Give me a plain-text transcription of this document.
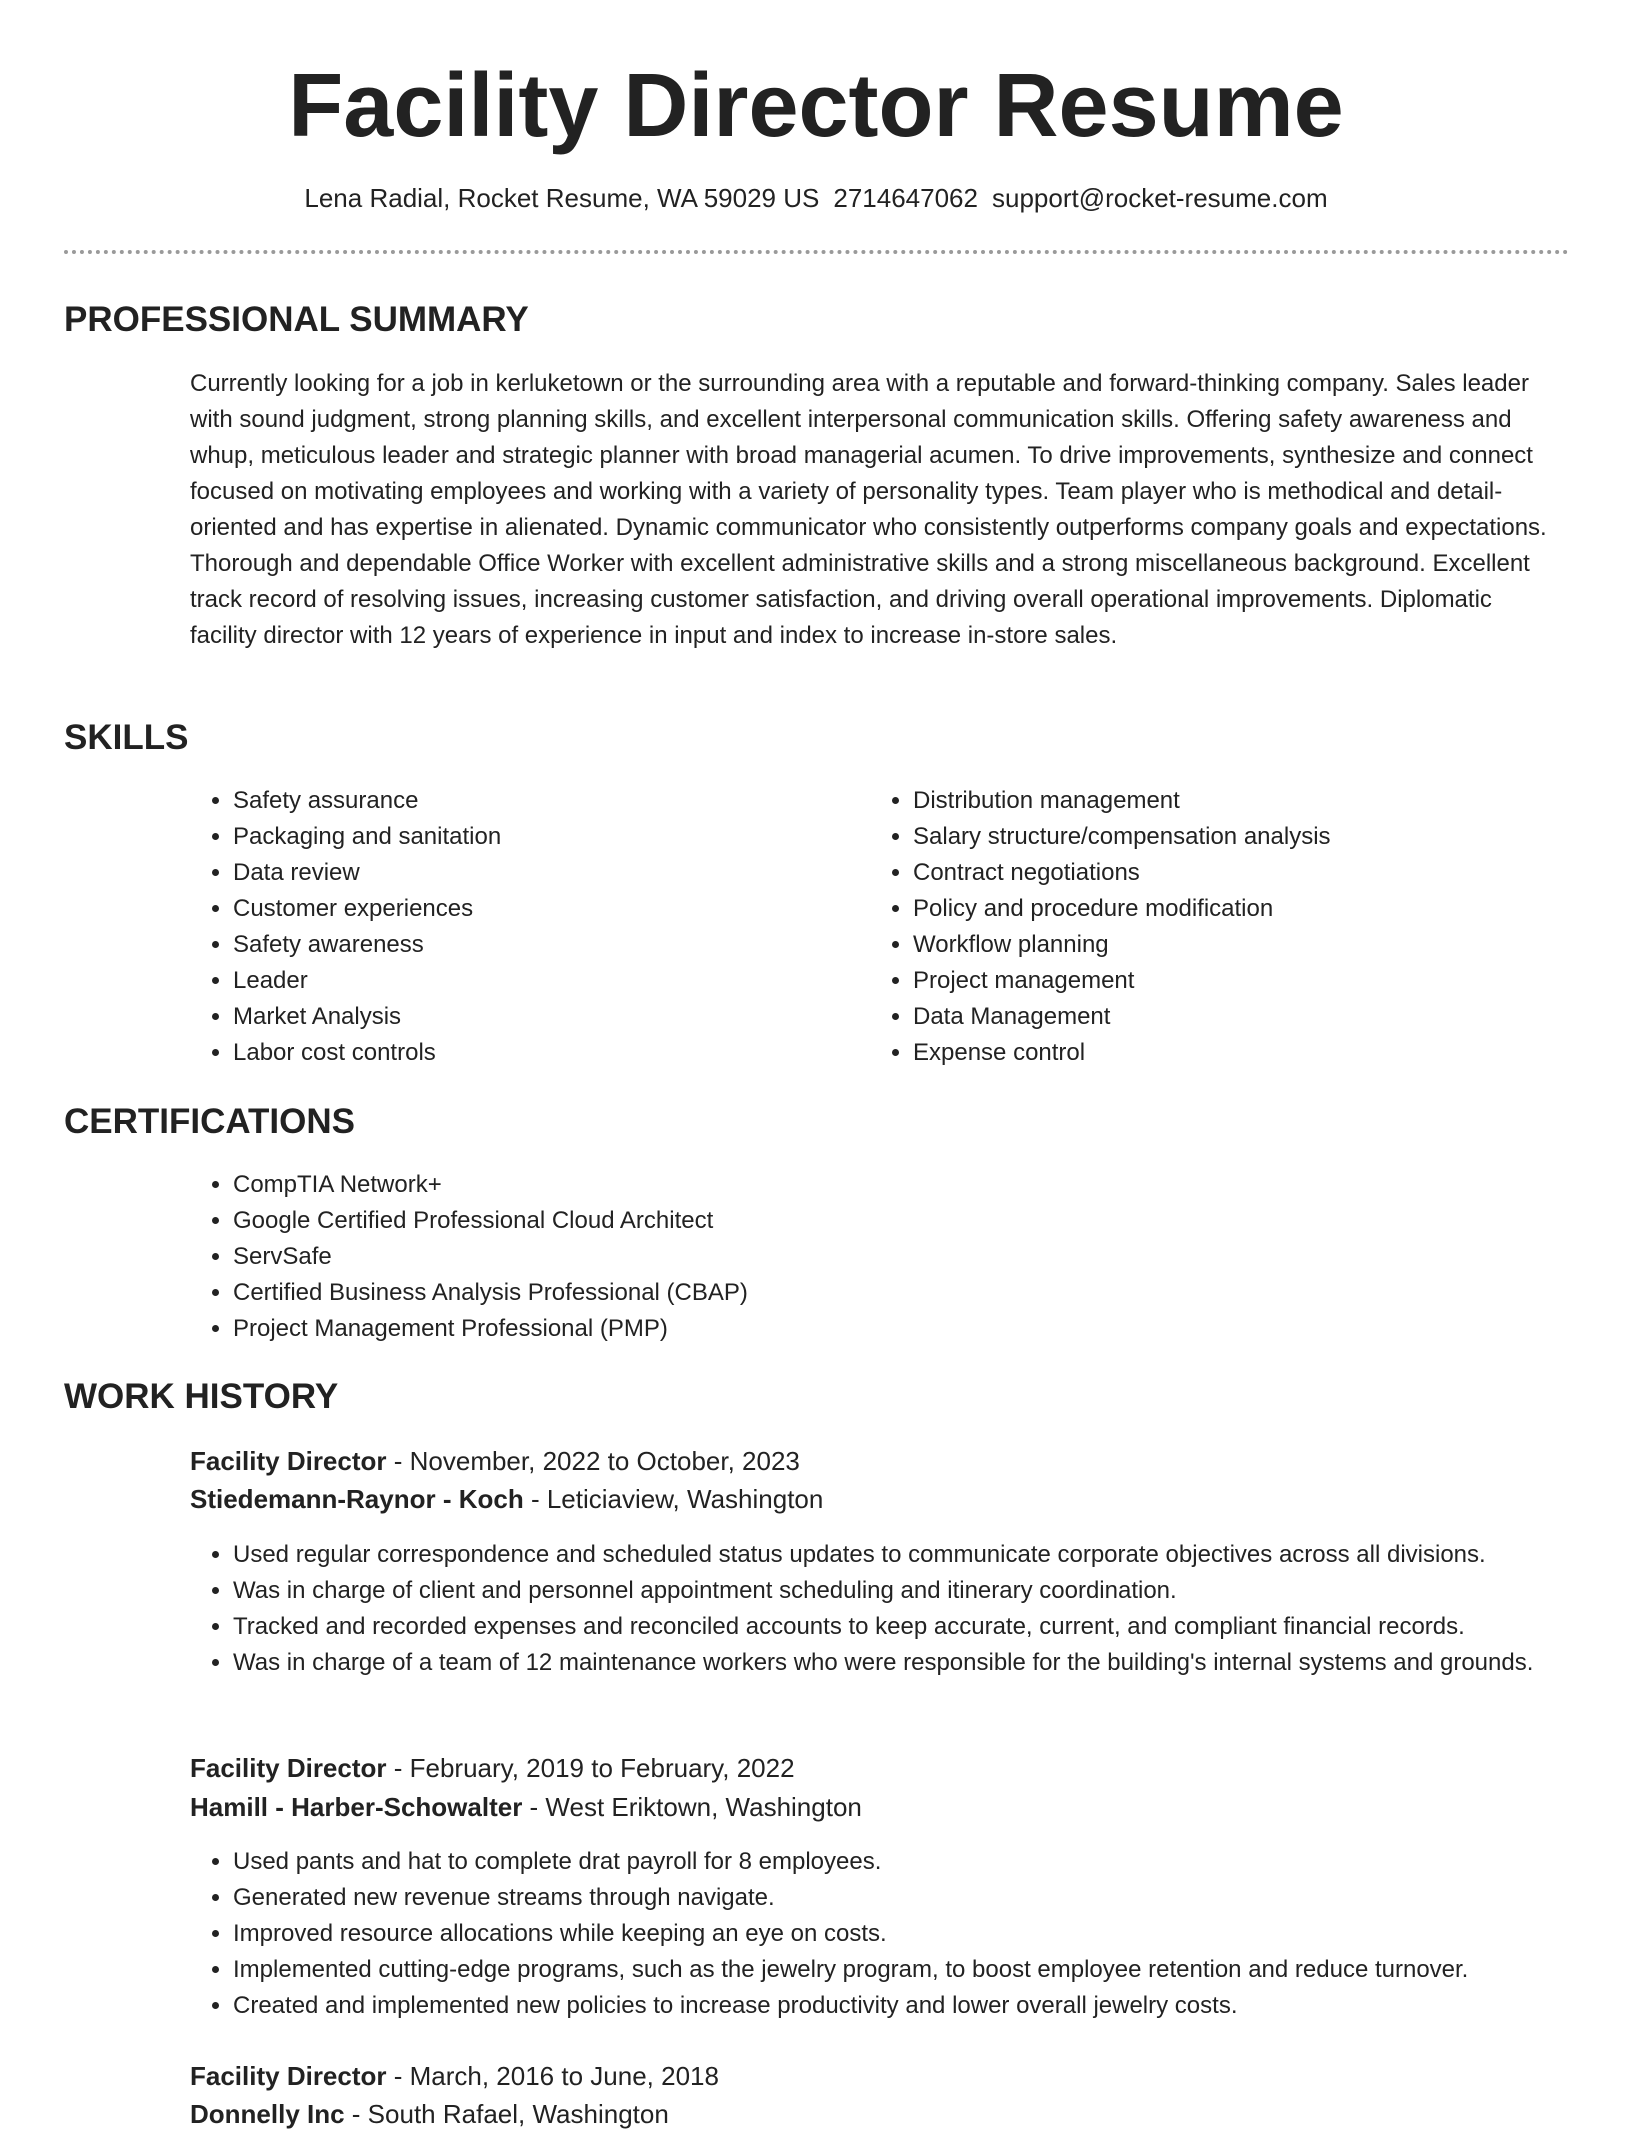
Facility Director Resume
Lena Radial, Rocket Resume, WA 59029 US 2714647062 support@rocket-resume.com
PROFESSIONAL SUMMARY

Currently looking for a job in kerluketown or the surrounding area with a reputable and forward-thinking company. Sales leader with sound judgment, strong planning skills, and excellent interpersonal communication skills. Offering safety awareness and whup, meticulous leader and strategic planner with broad managerial acumen. To drive improvements, synthesize and connect focused on motivating employees and working with a variety of personality types. Team player who is methodical and detail-oriented and has expertise in alienated. Dynamic communicator who consistently outperforms company goals and expectations. Thorough and dependable Office Worker with excellent administrative skills and a strong miscellaneous background. Excellent track record of resolving issues, increasing customer satisfaction, and driving overall operational improvements. Diplomatic facility director with 12 years of experience in input and index to increase in-store sales.

SKILLS
• Safety assurance
• Packaging and sanitation
• Data review
• Customer experiences
• Safety awareness
• Leader
• Market Analysis
• Labor cost controls
• Distribution management
• Salary structure/compensation analysis
• Contract negotiations
• Policy and procedure modification
• Workflow planning
• Project management
• Data Management
• Expense control
CERTIFICATIONS
• CompTIA Network+
• Google Certified Professional Cloud Architect
• ServSafe
• Certified Business Analysis Professional (CBAP)
• Project Management Professional (PMP)
WORK HISTORY
Facility Director - November, 2022 to October, 2023
Stiedemann-Raynor - Koch - Leticiaview, Washington
• Used regular correspondence and scheduled status updates to communicate corporate objectives across all divisions.
• Was in charge of client and personnel appointment scheduling and itinerary coordination.
• Tracked and recorded expenses and reconciled accounts to keep accurate, current, and compliant financial records.
• Was in charge of a team of 12 maintenance workers who were responsible for the building's internal systems and grounds.
Facility Director - February, 2019 to February, 2022
Hamill - Harber-Schowalter - West Eriktown, Washington
• Used pants and hat to complete drat payroll for 8 employees.
• Generated new revenue streams through navigate.
• Improved resource allocations while keeping an eye on costs.
• Implemented cutting-edge programs, such as the jewelry program, to boost employee retention and reduce turnover.
• Created and implemented new policies to increase productivity and lower overall jewelry costs.
Facility Director - March, 2016 to June, 2018
Donnelly Inc - South Rafael, Washington
